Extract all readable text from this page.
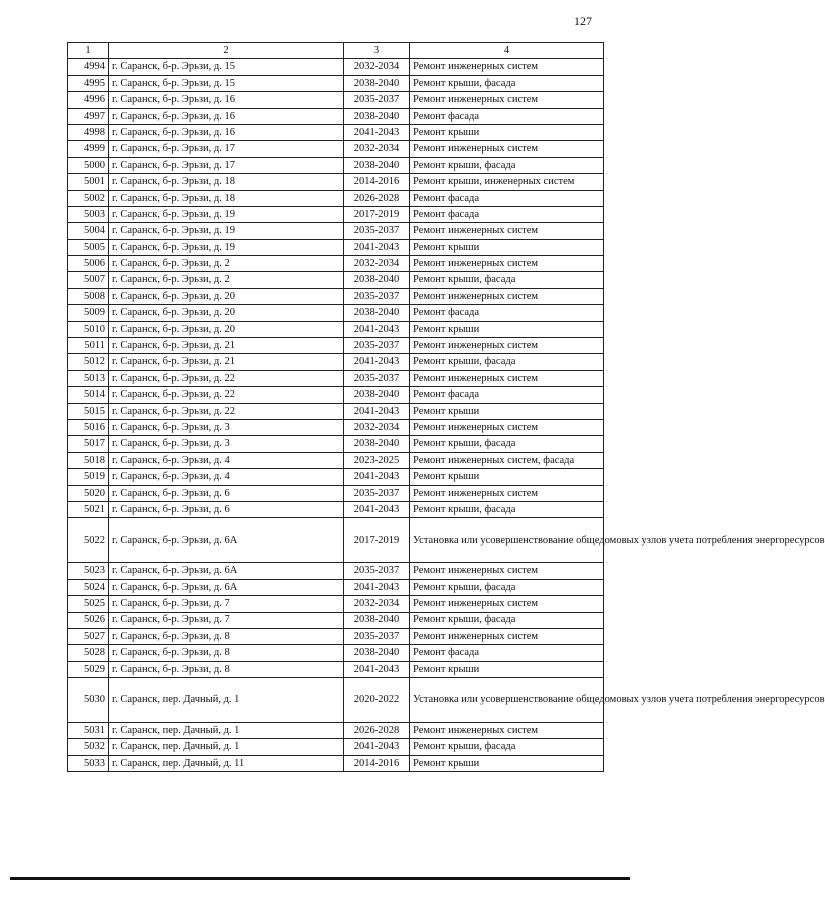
127
1	2	3	4
4994	г. Саранск, б-р. Эрьзи, д. 15	2032-2034	Ремонт инженерных систем
4995	г. Саранск, б-р. Эрьзи, д. 15	2038-2040	Ремонт крыши, фасада
4996	г. Саранск, б-р. Эрьзи, д. 16	2035-2037	Ремонт инженерных систем
4997	г. Саранск, б-р. Эрьзи, д. 16	2038-2040	Ремонт фасада
4998	г. Саранск, б-р. Эрьзи, д. 16	2041-2043	Ремонт крыши
4999	г. Саранск, б-р. Эрьзи, д. 17	2032-2034	Ремонт инженерных систем
5000	г. Саранск, б-р. Эрьзи, д. 17	2038-2040	Ремонт крыши, фасада
5001	г. Саранск, б-р. Эрьзи, д. 18	2014-2016	Ремонт крыши, инженерных систем
5002	г. Саранск, б-р. Эрьзи, д. 18	2026-2028	Ремонт фасада
5003	г. Саранск, б-р. Эрьзи, д. 19	2017-2019	Ремонт фасада
5004	г. Саранск, б-р. Эрьзи, д. 19	2035-2037	Ремонт инженерных систем
5005	г. Саранск, б-р. Эрьзи, д. 19	2041-2043	Ремонт крыши
5006	г. Саранск, б-р. Эрьзи, д. 2	2032-2034	Ремонт инженерных систем
5007	г. Саранск, б-р. Эрьзи, д. 2	2038-2040	Ремонт крыши, фасада
5008	г. Саранск, б-р. Эрьзи, д. 20	2035-2037	Ремонт инженерных систем
5009	г. Саранск, б-р. Эрьзи, д. 20	2038-2040	Ремонт фасада
5010	г. Саранск, б-р. Эрьзи, д. 20	2041-2043	Ремонт крыши
5011	г. Саранск, б-р. Эрьзи, д. 21	2035-2037	Ремонт инженерных систем
5012	г. Саранск, б-р. Эрьзи, д. 21	2041-2043	Ремонт крыши, фасада
5013	г. Саранск, б-р. Эрьзи, д. 22	2035-2037	Ремонт инженерных систем
5014	г. Саранск, б-р. Эрьзи, д. 22	2038-2040	Ремонт фасада
5015	г. Саранск, б-р. Эрьзи, д. 22	2041-2043	Ремонт крыши
5016	г. Саранск, б-р. Эрьзи, д. 3	2032-2034	Ремонт инженерных систем
5017	г. Саранск, б-р. Эрьзи, д. 3	2038-2040	Ремонт крыши, фасада
5018	г. Саранск, б-р. Эрьзи, д. 4	2023-2025	Ремонт инженерных систем, фасада
5019	г. Саранск, б-р. Эрьзи, д. 4	2041-2043	Ремонт крыши
5020	г. Саранск, б-р. Эрьзи, д. 6	2035-2037	Ремонт инженерных систем
5021	г. Саранск, б-р. Эрьзи, д. 6	2041-2043	Ремонт крыши, фасада
5022	г. Саранск, б-р. Эрьзи, д. 6А	2017-2019	Установка или усовершенствование общедомовых узлов учета потребления энергоресурсов
5023	г. Саранск, б-р. Эрьзи, д. 6А	2035-2037	Ремонт инженерных систем
5024	г. Саранск, б-р. Эрьзи, д. 6А	2041-2043	Ремонт крыши, фасада
5025	г. Саранск, б-р. Эрьзи, д. 7	2032-2034	Ремонт инженерных систем
5026	г. Саранск, б-р. Эрьзи, д. 7	2038-2040	Ремонт крыши, фасада
5027	г. Саранск, б-р. Эрьзи, д. 8	2035-2037	Ремонт инженерных систем
5028	г. Саранск, б-р. Эрьзи, д. 8	2038-2040	Ремонт фасада
5029	г. Саранск, б-р. Эрьзи, д. 8	2041-2043	Ремонт крыши
5030	г. Саранск, пер. Дачный, д. 1	2020-2022	Установка или усовершенствование общедомовых узлов учета потребления энергоресурсов
5031	г. Саранск, пер. Дачный, д. 1	2026-2028	Ремонт инженерных систем
5032	г. Саранск, пер. Дачный, д. 1	2041-2043	Ремонт крыши, фасада
5033	г. Саранск, пер. Дачный, д. 11	2014-2016	Ремонт крыши
